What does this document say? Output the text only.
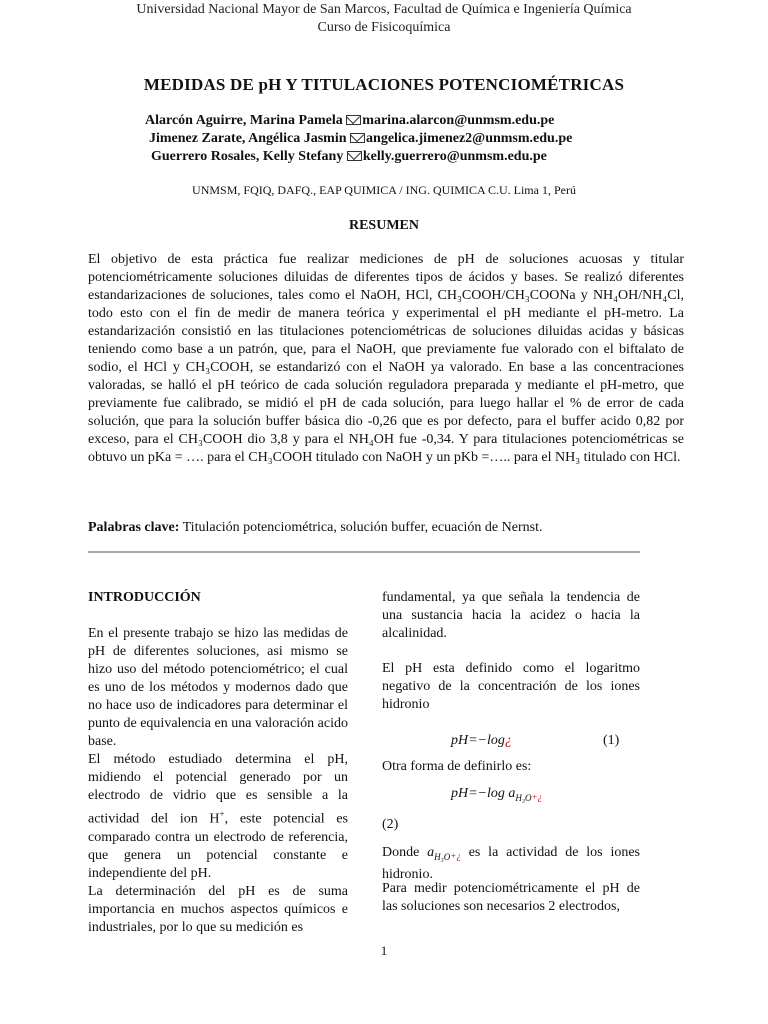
Universidad Nacional Mayor de San Marcos, Facultad de Química e Ingeniería Química
Curso de Fisicoquímica
MEDIDAS DE pH Y TITULACIONES POTENCIOMÉTRICAS
Alarcón Aguirre, Marina Pamela marina.alarcon@unmsm.edu.pe
Jimenez Zarate, Angélica Jasmin angelica.jimenez2@unmsm.edu.pe
Guerrero Rosales, Kelly Stefany kelly.guerrero@unmsm.edu.pe
UNMSM, FQIQ, DAFQ., EAP QUIMICA / ING. QUIMICA C.U. Lima 1, Perú
RESUMEN
El objetivo de esta práctica fue realizar mediciones de pH de soluciones acuosas y titular potenciométricamente soluciones diluidas de diferentes tipos de ácidos y bases. Se realizó diferentes estandarizaciones de soluciones, tales como el NaOH, HCl, CH₃COOH/CH₃COONa y NH₄OH/NH₄Cl, todo esto con el fin de medir de manera teórica y experimental el pH mediante el pH-metro. La estandarización consistió en las titulaciones potenciométricas de soluciones diluidas acidas y básicas teniendo como base a un patrón, que, para el NaOH, que previamente fue valorado con el biftalato de sodio, el HCl y CH₃COOH, se estandarizó con el NaOH ya valorado. En base a las concentraciones valoradas, se halló el pH teórico de cada solución reguladora preparada y mediante el pH-metro, que previamente fue calibrado, se midió el pH de cada solución, para luego hallar el % de error de cada solución, que para la solución buffer básica dio -0,26 que es por defecto, para el buffer acido 0,82 por exceso, para el CH₃COOH dio 3,8 y para el NH₄OH fue -0,34. Y para titulaciones potenciométricas se obtuvo un pKa = …. para el CH₃COOH titulado con NaOH y un pKb =….. para el NH₃ titulado con HCl.
Palabras clave: Titulación potenciométrica, solución buffer, ecuación de Nernst.
INTRODUCCIÓN

En el presente trabajo se hizo las medidas de pH de diferentes soluciones, asi mismo se hizo uso del método potenciométrico; el cual es uno de los métodos y modernos dado que no hace uso de indicadores para determinar el punto de equivalencia en una valoración acido base.

El método estudiado determina el pH, midiendo el potencial generado por un electrodo de vidrio que es sensible a la actividad del ion H+, este potencial es comparado contra un electrodo de referencia, que genera un potencial constante e independiente del pH.

La determinación del pH es de suma importancia en muchos aspectos químicos e industriales, por lo que su medición es

fundamental, ya que señala la tendencia de una sustancia hacia la acidez o hacia la alcalinidad.
El pH esta definido como el logaritmo negativo de la concentración de los iones hidronio
pH=−log¿	(1)
Otra forma de definirlo es:
pH=−log $a_{H_3O+¿}$
(2)
Donde $a_{H_3O+¿}$ es la actividad de los iones hidronio.
Para medir potenciométricamente el pH de las soluciones son necesarios 2 electrodos,
1
